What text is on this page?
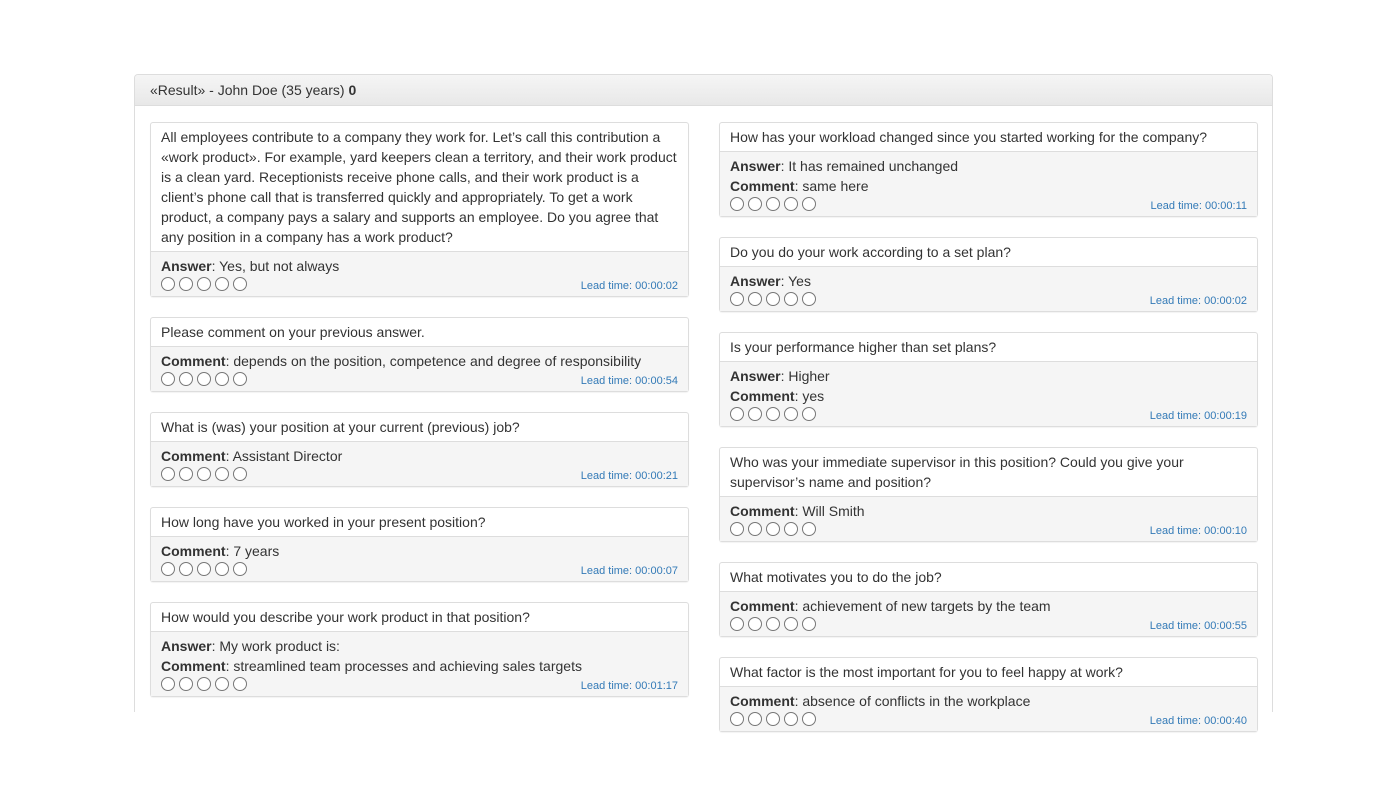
«Result» - John Doe (35 years) 0
All employees contribute to a company they work for. Let’s call this contribution a «work product». For example, yard keepers clean a territory, and their work product is a clean yard. Receptionists receive phone calls, and their work product is a client’s phone call that is transferred quickly and appropriately. To get a work product, a company pays a salary and supports an employee. Do you agree that any position in a company has a work product?
Answer: Yes, but not always
Lead time: 00:00:02
Please comment on your previous answer.
Comment: depends on the position, competence and degree of responsibility
Lead time: 00:00:54
What is (was) your position at your current (previous) job?
Comment: Assistant Director
Lead time: 00:00:21
How long have you worked in your present position?
Comment: 7 years
Lead time: 00:00:07
How would you describe your work product in that position?
Answer: My work product is:
Comment: streamlined team processes and achieving sales targets
Lead time: 00:01:17
How has your workload changed since you started working for the company?
Answer: It has remained unchanged
Comment: same here
Lead time: 00:00:11
Do you do your work according to a set plan?
Answer: Yes
Lead time: 00:00:02
Is your performance higher than set plans?
Answer: Higher
Comment: yes
Lead time: 00:00:19
Who was your immediate supervisor in this position? Could you give your supervisor’s name and position?
Comment: Will Smith
Lead time: 00:00:10
What motivates you to do the job?
Comment: achievement of new targets by the team
Lead time: 00:00:55
What factor is the most important for you to feel happy at work?
Comment: absence of conflicts in the workplace
Lead time: 00:00:40
